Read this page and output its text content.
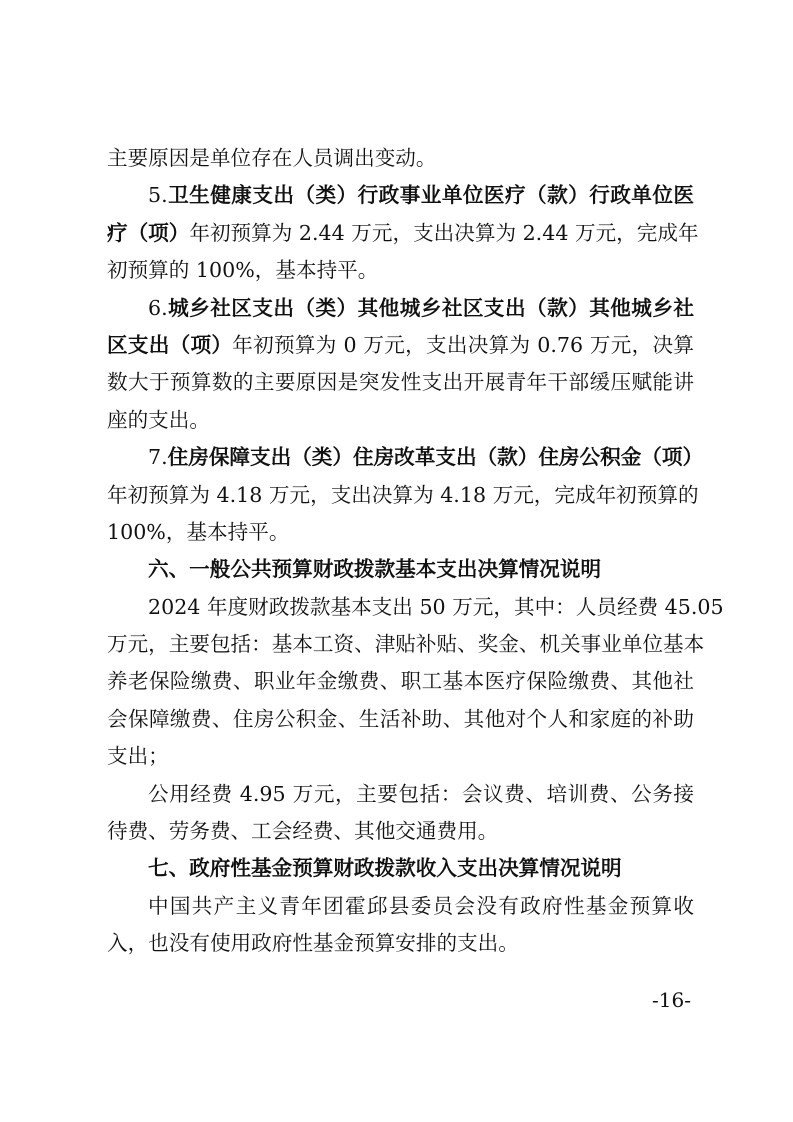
主要原因是单位存在人员调出变动。
5.卫生健康支出（类）行政事业单位医疗（款）行政单位医
疗（项）年初预算为 2.44 万元，支出决算为 2.44 万元，完成年
初预算的 100%，基本持平。
6.城乡社区支出（类）其他城乡社区支出（款）其他城乡社
区支出（项）年初预算为 0 万元，支出决算为 0.76 万元，决算
数大于预算数的主要原因是突发性支出开展青年干部缓压赋能讲
座的支出。
7.住房保障支出（类）住房改革支出（款）住房公积金（项）
年初预算为 4.18 万元，支出决算为 4.18 万元，完成年初预算的
100%，基本持平。
六、一般公共预算财政拨款基本支出决算情况说明
2024 年度财政拨款基本支出 50 万元，其中：人员经费 45.05
万元，主要包括：基本工资、津贴补贴、奖金、机关事业单位基本
养老保险缴费、职业年金缴费、职工基本医疗保险缴费、其他社
会保障缴费、住房公积金、生活补助、其他对个人和家庭的补助
支出；
公用经费 4.95 万元，主要包括：会议费、培训费、公务接
待费、劳务费、工会经费、其他交通费用。
七、政府性基金预算财政拨款收入支出决算情况说明
中国共产主义青年团霍邱县委员会没有政府性基金预算收
入，也没有使用政府性基金预算安排的支出。
-16-
